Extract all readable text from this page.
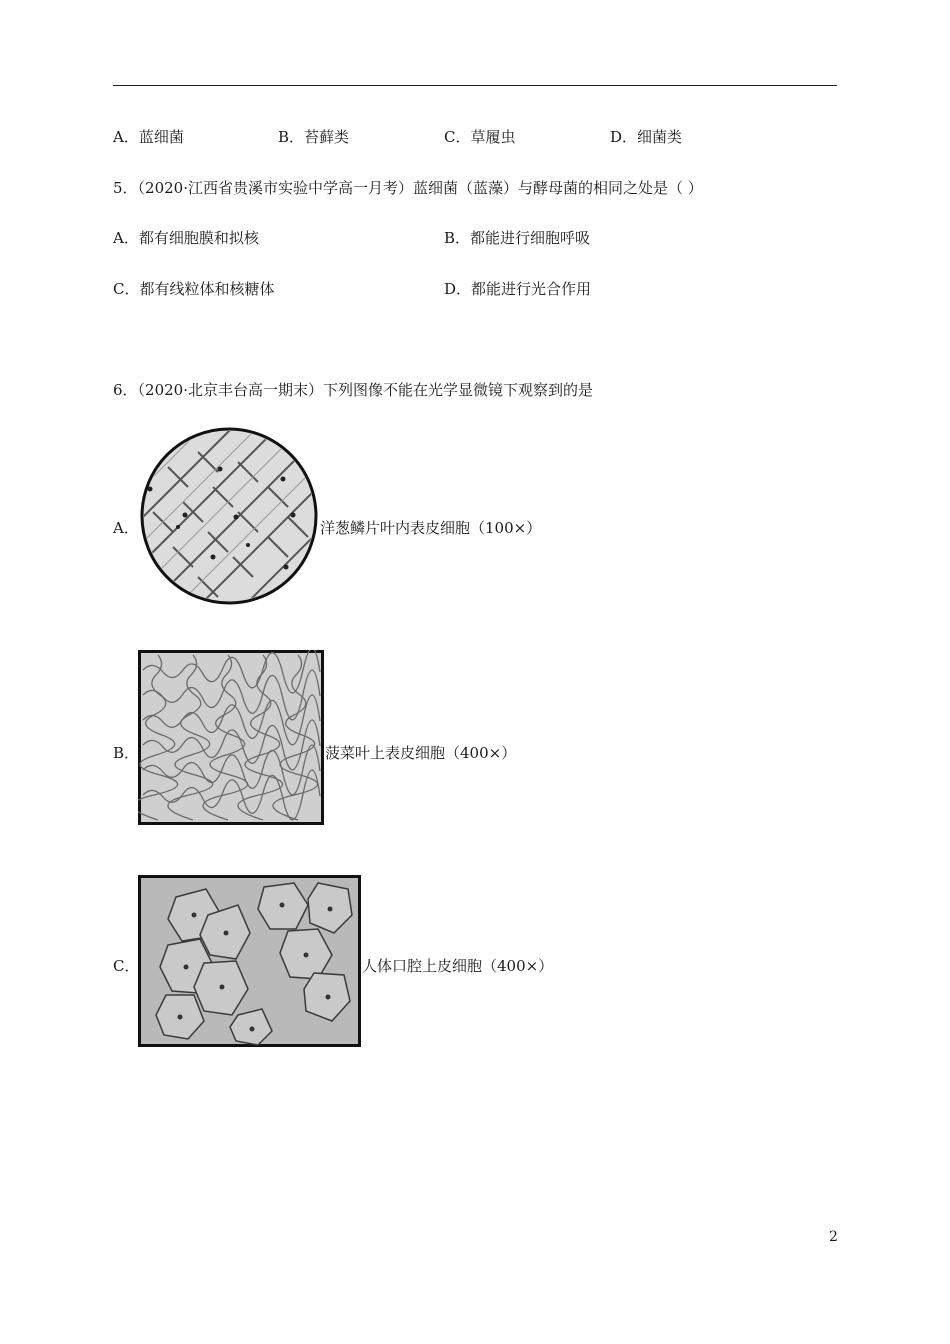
A．蓝细菌	B．苔藓类	C．草履虫	D．细菌类
5．（2020·江西省贵溪市实验中学高一月考）蓝细菌（蓝藻）与酵母菌的相同之处是（ ）
A．都有细胞膜和拟核	B．都能进行细胞呼吸
C．都有线粒体和核糖体	D．都能进行光合作用
6．（2020·北京丰台高一期末）下列图像不能在光学显微镜下观察到的是
A．	洋葱鳞片叶内表皮细胞（100×）
B．	菠菜叶上表皮细胞（400×）
C．	人体口腔上皮细胞（400×）
2
